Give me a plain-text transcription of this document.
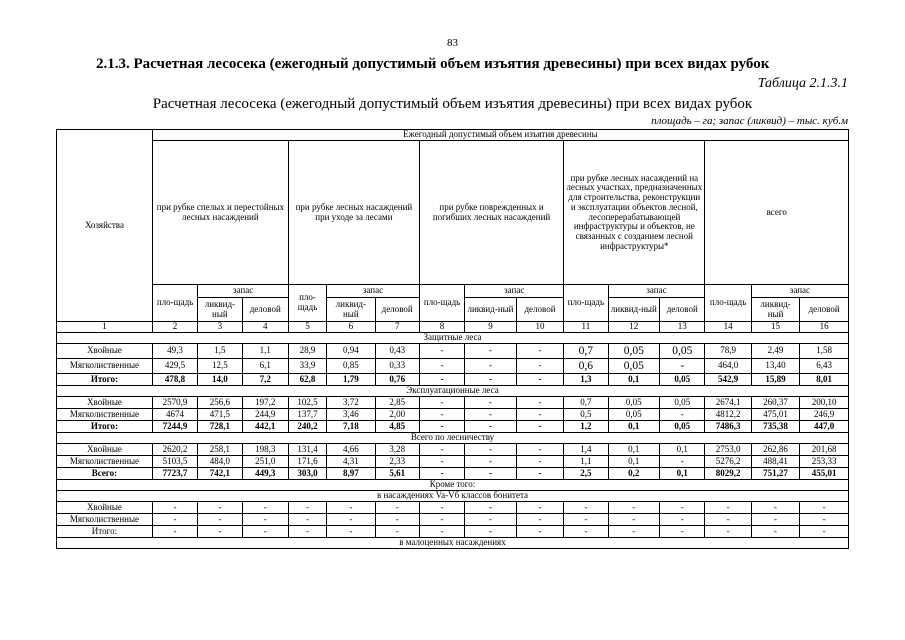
83
2.1.3. Расчетная лесосека (ежегодный допустимый объем изъятия древесины) при всех видах рубок
Таблица 2.1.3.1
Расчетная лесосека (ежегодный допустимый объем изъятия древесины) при всех видах рубок
площадь – га; запас (ликвид) – тыс. куб.м
Хозяйства	Ежегодный допустимый объем изъятия древесины														
	при рубке спелых и перестойных лесных насаждений			при рубке лесных насаждений при уходе за лесами			при рубке поврежденных и погибших лесных насаждений			при рубке лесных насаждений на лесных участках, предназначенных для строительства, реконструкции и эксплуатации объектов лесной, лесоперерабатывающей инфраструктуры и объектов, не связанных с созданием лесной инфраструктуры*			всего		
	пло-щадь	запас		пло-щадь	запас		пло-щадь	запас		пло-щадь	запас		пло-щадь	запас	
		ликвид-ный	деловой		ликвид-ный	деловой		ликвид-ный	деловой		ликвид-ный	деловой		ликвид-ный	деловой
1	2	3	4	5	6	7	8	9	10	11	12	13	14	15	16
Защитные леса															
Хвойные	49,3	1,5	1,1	28,9	0,94	0,43	-	-	-	0,7	0,05	0,05	78,9	2,49	1,58
Мягколиственные	429,5	12,5	6,1	33,9	0,85	0,33	-	-	-	0,6	0,05	-	464,0	13,40	6,43
Итого:	478,8	14,0	7,2	62,8	1,79	0,76	-	-	-	1,3	0,1	0,05	542,9	15,89	8,01
Эксплуатационные леса															
Хвойные	2570,9	256,6	197,2	102,5	3,72	2,85	-	-	-	0,7	0,05	0,05	2674,1	260,37	200,10
Мягколиственные	4674	471,5	244,9	137,7	3,46	2,00	-	-	-	0,5	0,05	-	4812,2	475,01	246,9
Итого:	7244,9	728,1	442,1	240,2	7,18	4,85	-	-	-	1,2	0,1	0,05	7486,3	735,38	447,0
Всего по лесничеству															
Хвойные	2620,2	258,1	198,3	131,4	4,66	3,28	-	-	-	1,4	0,1	0,1	2753,0	262,86	201,68
Мягколиственные	5103,5	484,0	251,0	171,6	4,31	2,33	-	-	-	1,1	0,1	-	5276,2	488,41	253,33
Всего:	7723,7	742,1	449,3	303,0	8,97	5,61	-	-	-	2,5	0,2	0,1	8029,2	751,27	455,01
Кроме того:															
в насаждениях Va-Vб классов бонитета															
Хвойные	-	-	-	-	-	-	-	-	-	-	-	-	-	-	-
Мягколиственные	-	-	-	-	-	-	-	-	-	-	-	-	-	-	-
Итого:	-	-	-	-	-	-	-	-	-	-	-	-	-	-	-
в малоценных насаждениях															
